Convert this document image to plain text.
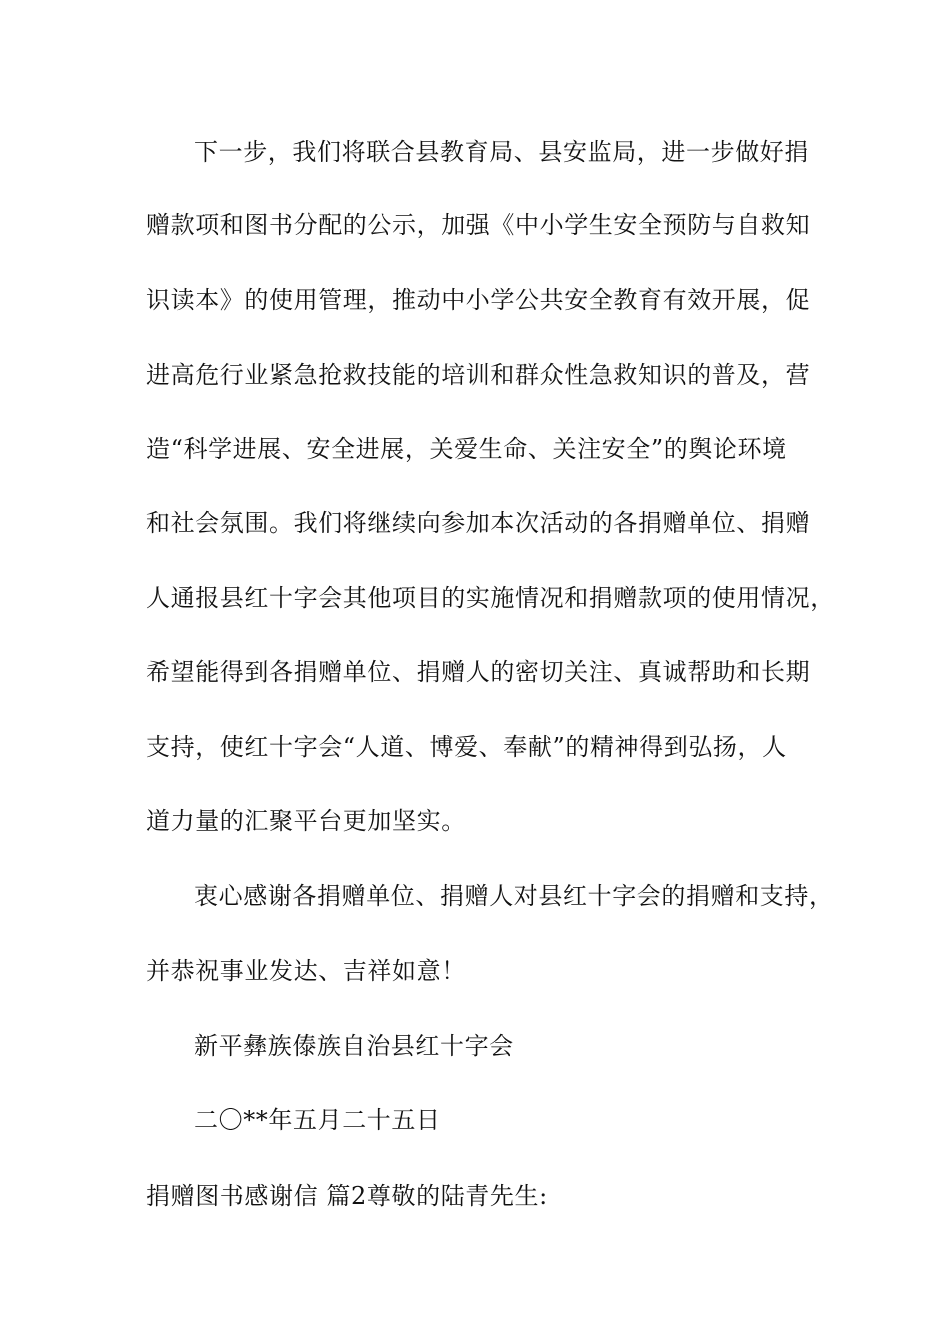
下一步，我们将联合县教育局、县安监局，进一步做好捐
赠款项和图书分配的公示，加强《中小学生安全预防与自救知
识读本》的使用管理，推动中小学公共安全教育有效开展，促
进高危行业紧急抢救技能的培训和群众性急救知识的普及，营
造“科学进展、安全进展，关爱生命、关注安全”的舆论环境
和社会氛围。我们将继续向参加本次活动的各捐赠单位、捐赠
人通报县红十字会其他项目的实施情况和捐赠款项的使用情况，
希望能得到各捐赠单位、捐赠人的密切关注、真诚帮助和长期
支持，使红十字会“人道、博爱、奉献”的精神得到弘扬，人
道力量的汇聚平台更加坚实。
衷心感谢各捐赠单位、捐赠人对县红十字会的捐赠和支持，
并恭祝事业发达、吉祥如意！
新平彝族傣族自治县红十字会
二〇**年五月二十五日
捐赠图书感谢信 篇2尊敬的陆青先生:
